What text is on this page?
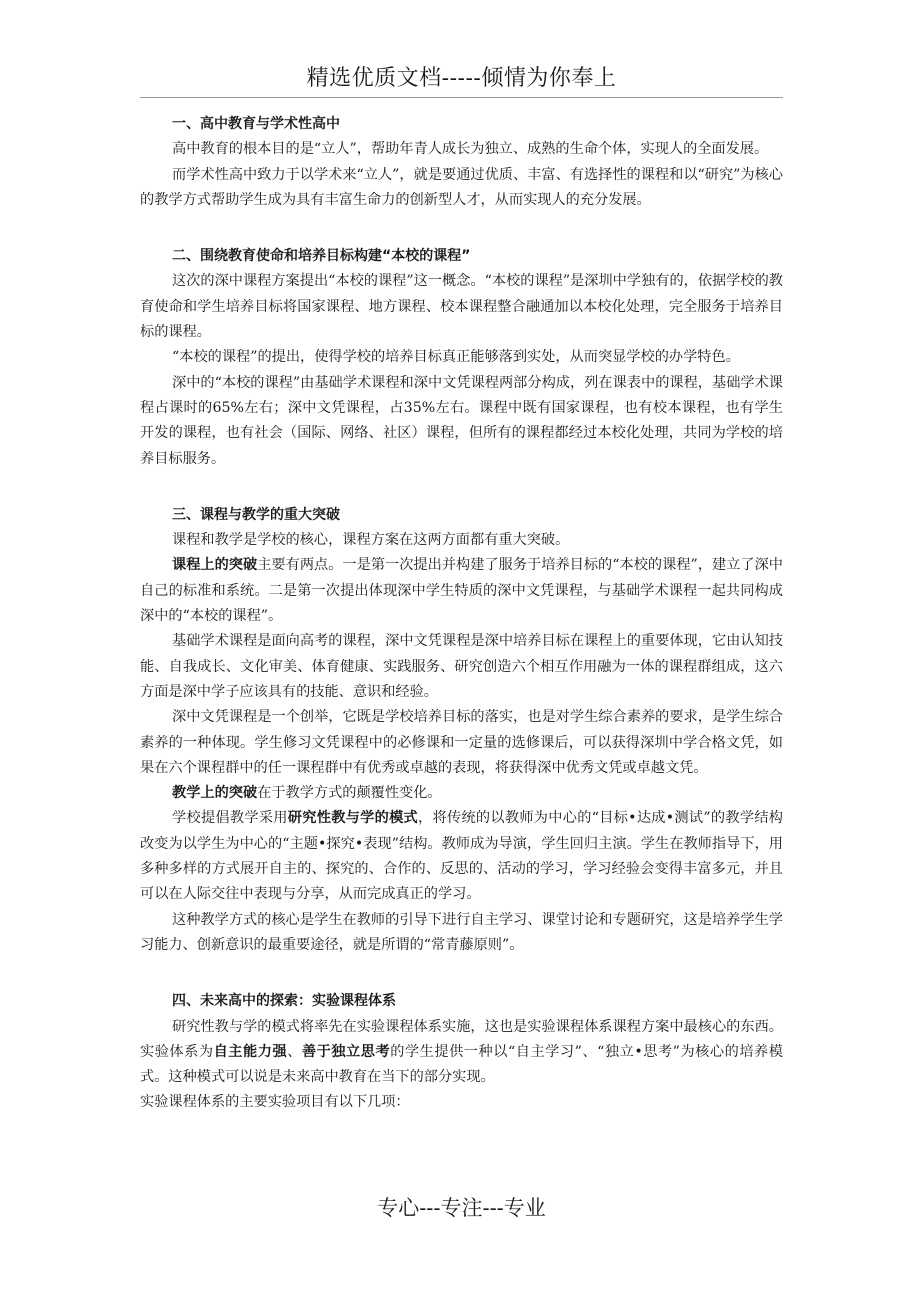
精选优质文档-----倾情为你奉上

一、高中教育与学术性高中

高中教育的根本目的是“立人”，帮助年青人成长为独立、成熟的生命个体，实现人的全面发展。

而学术性高中致力于以学术来“立人”，就是要通过优质、丰富、有选择性的课程和以“研究”为核心的教学方式帮助学生成为具有丰富生命力的创新型人才，从而实现人的充分发展。

二、围绕教育使命和培养目标构建“本校的课程”

这次的深中课程方案提出“本校的课程”这一概念。“本校的课程”是深圳中学独有的，依据学校的教育使命和学生培养目标将国家课程、地方课程、校本课程整合融通加以本校化处理，完全服务于培养目标的课程。

“本校的课程”的提出，使得学校的培养目标真正能够落到实处，从而突显学校的办学特色。

深中的“本校的课程”由基础学术课程和深中文凭课程两部分构成，列在课表中的课程，基础学术课程占课时的65%左右；深中文凭课程，占35%左右。课程中既有国家课程，也有校本课程，也有学生开发的课程，也有社会（国际、网络、社区）课程，但所有的课程都经过本校化处理，共同为学校的培养目标服务。

三、课程与教学的重大突破

课程和教学是学校的核心，课程方案在这两方面都有重大突破。

课程上的突破主要有两点。一是第一次提出并构建了服务于培养目标的“本校的课程”，建立了深中自己的标准和系统。二是第一次提出体现深中学生特质的深中文凭课程，与基础学术课程一起共同构成深中的“本校的课程”。

基础学术课程是面向高考的课程，深中文凭课程是深中培养目标在课程上的重要体现，它由认知技能、自我成长、文化审美、体育健康、实践服务、研究创造六个相互作用融为一体的课程群组成，这六方面是深中学子应该具有的技能、意识和经验。

深中文凭课程是一个创举，它既是学校培养目标的落实，也是对学生综合素养的要求，是学生综合素养的一种体现。学生修习文凭课程中的必修课和一定量的选修课后，可以获得深圳中学合格文凭，如果在六个课程群中的任一课程群中有优秀或卓越的表现，将获得深中优秀文凭或卓越文凭。

教学上的突破在于教学方式的颠覆性变化。

学校提倡教学采用研究性教与学的模式，将传统的以教师为中心的“目标•达成•测试”的教学结构改变为以学生为中心的“主题•探究•表现”结构。教师成为导演，学生回归主演。学生在教师指导下，用多种多样的方式展开自主的、探究的、合作的、反思的、活动的学习，学习经验会变得丰富多元，并且可以在人际交往中表现与分享，从而完成真正的学习。

这种教学方式的核心是学生在教师的引导下进行自主学习、课堂讨论和专题研究，这是培养学生学习能力、创新意识的最重要途径，就是所谓的“常青藤原则”。

四、未来高中的探索：实验课程体系

研究性教与学的模式将率先在实验课程体系实施，这也是实验课程体系课程方案中最核心的东西。实验体系为自主能力强、善于独立思考的学生提供一种以“自主学习”、“独立•思考”为核心的培养模式。这种模式可以说是未来高中教育在当下的部分实现。

实验课程体系的主要实验项目有以下几项：

专心---专注---专业
